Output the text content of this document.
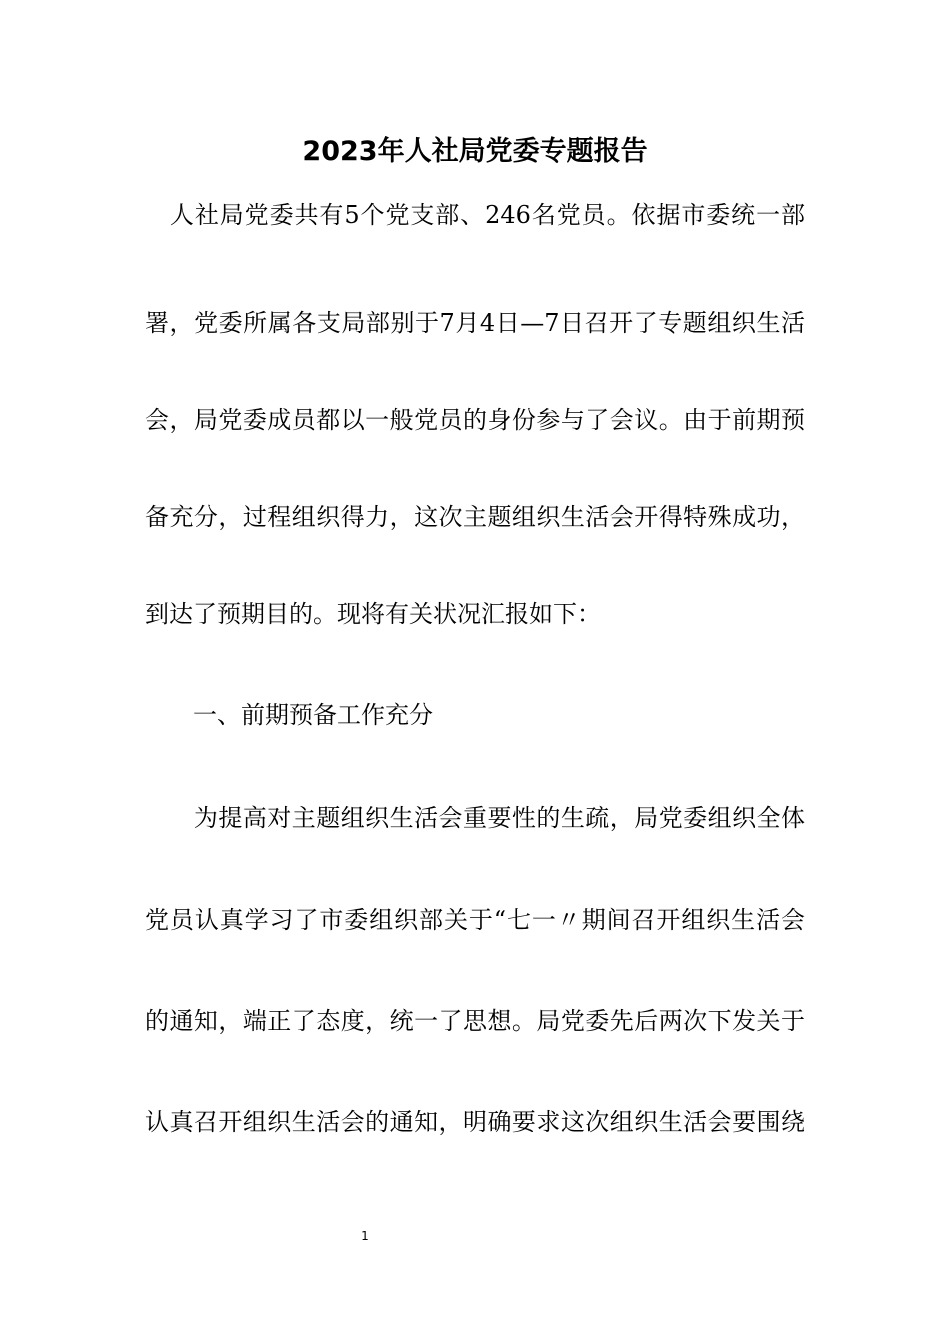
2023年人社局党委专题报告

　人社局党委共有5个党支部、246名党员。依据市委统一部

署，党委所属各支局部别于7月4日—7日召开了专题组织生活

会，局党委成员都以一般党员的身份参与了会议。由于前期预

备充分，过程组织得力，这次主题组织生活会开得特殊成功，

到达了预期目的。现将有关状况汇报如下：

一、前期预备工作充分

　　为提高对主题组织生活会重要性的生疏，局党委组织全体

党员认真学习了市委组织部关于“七一〃期间召开组织生活会

的通知，端正了态度，统一了思想。局党委先后两次下发关于

认真召开组织生活会的通知，明确要求这次组织生活会要围绕

1
